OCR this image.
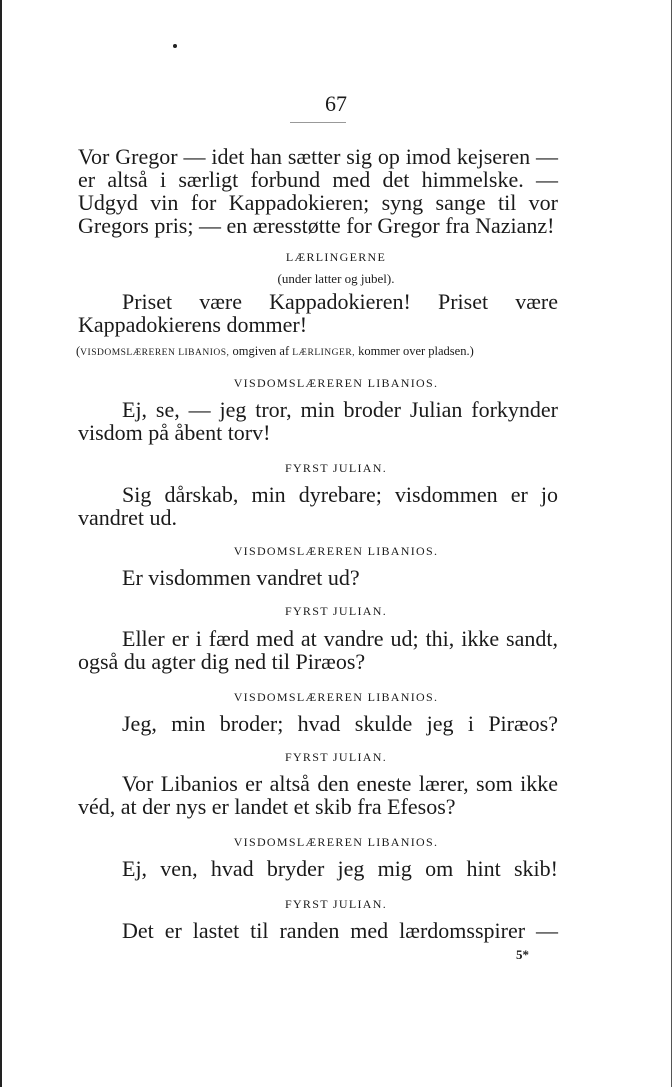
67

Vor Gregor — idet han sætter sig op imod kejseren — er altså i særligt forbund med det himmelske. — Udgyd vin for Kappadokieren; syng sange til vor Gregors pris; — en æresstøtte for Gregor fra Nazianz!

LÆRLINGERNE
(under latter og jubel).

Priset være Kappadokieren! Priset være Kappadokierens dommer!

(VISDOMSLÆREREN LIBANIOS, omgiven af LÆRLINGER, kommer over pladsen.)
VISDOMSLÆREREN LIBANIOS.

Ej, se, — jeg tror, min broder Julian forkynder visdom på åbent torv!

FYRST JULIAN.

Sig dårskab, min dyrebare; visdommen er jo vandret ud.

VISDOMSLÆREREN LIBANIOS.
Er visdommen vandret ud?
FYRST JULIAN.

Eller er i færd med at vandre ud; thi, ikke sandt, også du agter dig ned til Piræos?

VISDOMSLÆREREN LIBANIOS.
Jeg, min broder; hvad skulde jeg i Piræos?
FYRST JULIAN.

Vor Libanios er altså den eneste lærer, som ikke véd, at der nys er landet et skib fra Efesos?

VISDOMSLÆREREN LIBANIOS.
Ej, ven, hvad bryder jeg mig om hint skib!
FYRST JULIAN.
Det er lastet til randen med lærdomsspirer —
5*
